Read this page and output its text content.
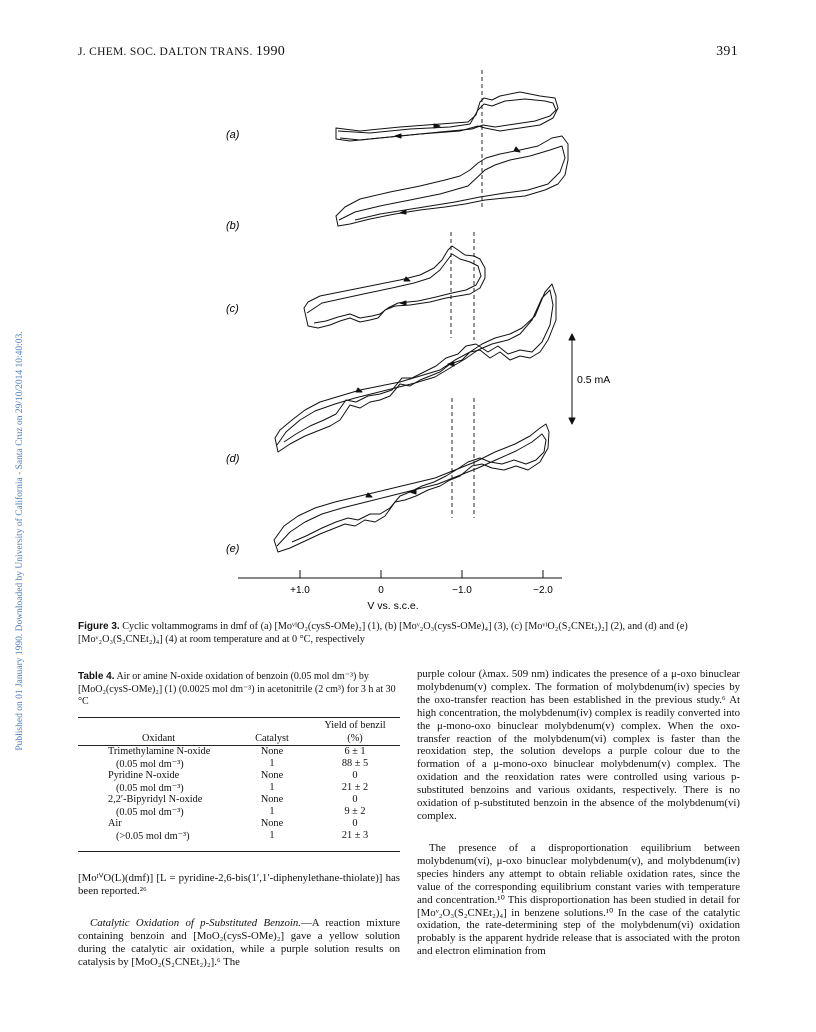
J. CHEM. SOC. DALTON TRANS. 1990	391
Published on 01 January 1990. Downloaded by University of California - Santa Cruz on 29/10/2014 10:40:03.
(a)
(b)
(c)
(d)
(e)
0.5 mA
+1.0	0	−1.0	−2.0
V vs. s.c.e.
Figure 3. Cyclic voltammograms in dmf of (a) [MoᵛᴵO₂(cysS-OMe)₂] (1), (b) [Moᵛ₂O₃(cysS-OMe)₄] (3), (c) [MoᵛᴵO₂(S₂CNEt₂)₂] (2), and (d) and (e) [Moᵛ₂O₃(S₂CNEt₂)₄] (4) at room temperature and at 0 °C, respectively
Table 4. Air or amine N-oxide oxidation of benzoin (0.05 mol dm⁻³) by [MoO₂(cysS-OMe)₂] (1) (0.0025 mol dm⁻³) in acetonitrile (2 cm³) for 3 h at 30 °C
Yield of benzil
Oxidant	Catalyst	(%)
Trimethylamine N-oxide	None	6 ± 1
(0.05 mol dm⁻³)	1	88 ± 5
Pyridine N-oxide	None	0
(0.05 mol dm⁻³)	1	21 ± 2
2,2′-Bipyridyl N-oxide	None	0
(0.05 mol dm⁻³)	1	9 ± 2
Air	None	0
(>0.05 mol dm⁻³)	1	21 ± 3
[MoᴵⱽO(L)(dmf)] [L = pyridine-2,6-bis(1′,1′-diphenylethane-thiolate)] has been reported.²⁶
Catalytic Oxidation of p-Substituted Benzoin.—A reaction mixture containing benzoin and [MoO₂(cysS-OMe)₂] gave a yellow solution during the catalytic air oxidation, while a purple solution results on catalysis by [MoO₂(S₂CNEt₂)₂].⁶ The
purple colour (λmax. 509 nm) indicates the presence of a μ-oxo binuclear molybdenum(v) complex. The formation of molybdenum(iv) species by the oxo-transfer reaction has been established in the previous study.⁶ At high concentration, the molybdenum(iv) complex is readily converted into the μ-mono-oxo binuclear molybdenum(v) complex. When the oxo-transfer reaction of the molybdenum(vi) complex is faster than the reoxidation step, the solution develops a purple colour due to the formation of a μ-mono-oxo binuclear molybdenum(v) complex. The oxidation and the reoxidation rates were controlled using various p-substituted benzoins and various oxidants, respectively. There is no oxidation of p-substituted benzoin in the absence of the molybdenum(vi) complex.
The presence of a disproportionation equilibrium between molybdenum(vi), μ-oxo binuclear molybdenum(v), and molybdenum(iv) species hinders any attempt to obtain reliable oxidation rates, since the value of the corresponding equilibrium constant varies with temperature and concentration.¹⁰ This disproportionation has been studied in detail for [Moᵛ₂O₃(S₂CNEt₂)₄] in benzene solutions.¹⁰ In the case of the catalytic oxidation, the rate-determining step of the molybdenum(vi) oxidation probably is the apparent hydride release that is associated with the proton and electron elimination from
